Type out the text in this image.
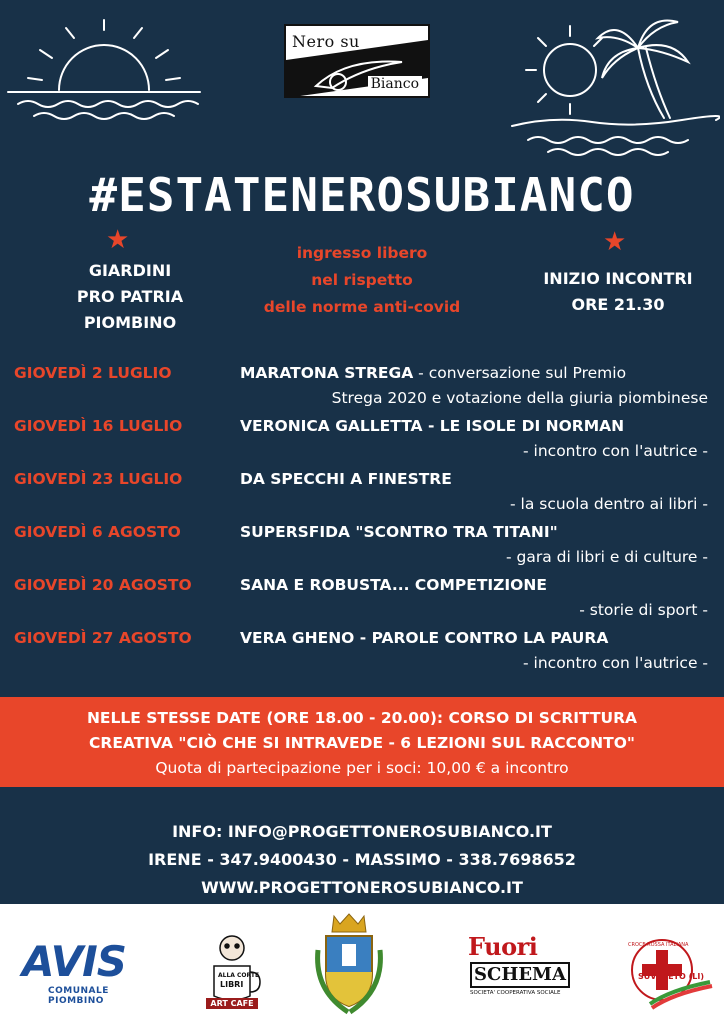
Nero su
Bianco
#ESTATENEROSUBIANCO
★	★
GIARDINI
PRO PATRIA
PIOMBINO
ingresso libero
nel rispetto
delle norme anti-covid
INIZIO INCONTRI
ORE 21.30
GIOVEDÌ 2 LUGLIO	MARATONA STREGA - conversazione sul Premio
Strega 2020 e votazione della giuria piombinese
GIOVEDÌ 16 LUGLIO	VERONICA GALLETTA - LE ISOLE DI NORMAN
- incontro con l'autrice -
GIOVEDÌ 23 LUGLIO	DA SPECCHI A FINESTRE
- la scuola dentro ai libri -
GIOVEDÌ 6 AGOSTO	SUPERSFIDA "SCONTRO TRA TITANI"
- gara di libri e di culture -
GIOVEDÌ 20 AGOSTO	SANA E ROBUSTA... COMPETIZIONE
- storie di sport -
GIOVEDÌ 27 AGOSTO	VERA GHENO - PAROLE CONTRO LA PAURA
- incontro con l'autrice -
NELLE STESSE DATE (ORE 18.00 - 20.00): CORSO DI SCRITTURA
CREATIVA "CIÒ CHE SI INTRAVEDE - 6 LEZIONI SUL RACCONTO"
Quota di partecipazione per i soci: 10,00 € a incontro
INFO: INFO@PROGETTONEROSUBIANCO.IT
IRENE - 347.9400430 - MASSIMO - 338.7698652
WWW.PROGETTONEROSUBIANCO.IT
AVIS
COMUNALE PIOMBINO
ALLA CORTE
LIBRI
ART CAFE
Fuori
SCHEMA
SOCIETA' COOPERATIVA SOCIALE
CROCE ROSSA ITALIANA
SUVERETO (LI)
